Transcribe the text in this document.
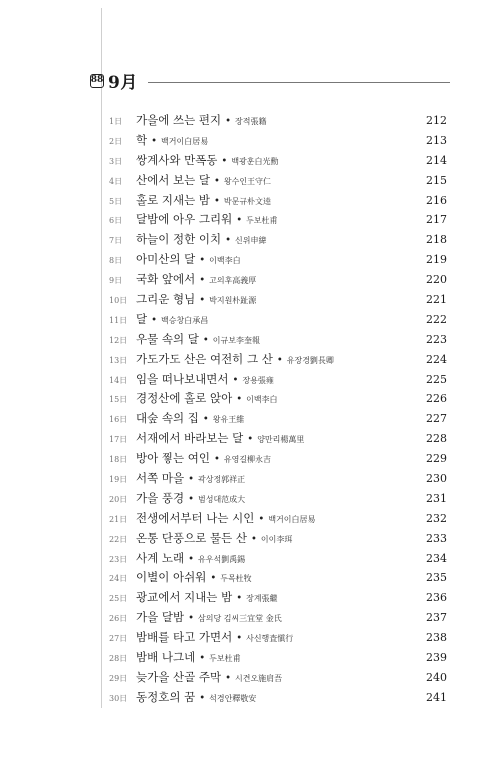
88 9月
1日	가을에 쓰는 편지 • 장적張籍	212
2日	학 • 백거이白居易	213
3日	쌍계사와 만폭동 • 백광훈白光勳	214
4日	산에서 보는 달 • 왕수인王守仁	215
5日	홀로 지새는 밤 • 박문규朴文逵	216
6日	달밤에 아우 그리워 • 두보杜甫	217
7日	하늘이 정한 이치 • 신위申緯	218
8日	아미산의 달 • 이백李白	219
9日	국화 앞에서 • 고의후高義厚	220
10日 그리운 형님 • 박지원朴趾源	221
11日 달 • 백승창白承昌	222
12日 우물 속의 달 • 이규보李奎報	223
13日 가도가도 산은 여전히 그 산 • 유장경劉長卿	224
14日 임을 떠나보내면서 • 장용張雍	225
15日 경정산에 홀로 앉아 • 이백李白	226
16日 대숲 속의 집 • 왕유王維	227
17日 서재에서 바라보는 달 • 양만리楊萬里	228
18日 방아 찧는 여인 • 유영길柳永吉	229
19日 서쪽 마을 • 곽상정郭祥正	230
20日 가을 풍경 • 범성대范成大	231
21日 전생에서부터 나는 시인 • 백거이白居易	232
22日 온통 단풍으로 물든 산 • 이이李珥	233
23日 사계 노래 • 유우석劉禹錫	234
24日 이별이 아쉬워 • 두목杜牧	235
25日 광교에서 지내는 밤 • 장계張繼	236
26日 가을 달밤 • 삼의당 김씨三宜堂 金氏	237
27日 밤배를 타고 가면서 • 사신행査愼行	238
28日 밤배 나그네 • 두보杜甫	239
29日 늦가을 산골 주막 • 시견오施肩吾	240
30日 동정호의 꿈 • 석경안釋敬安	241
